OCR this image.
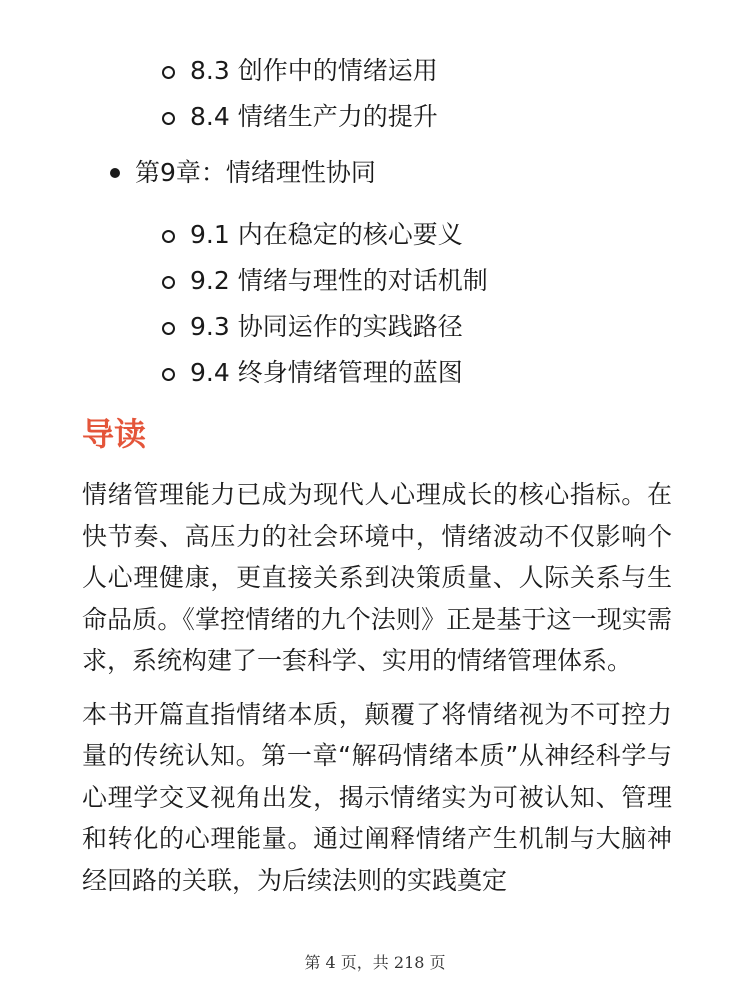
8.3 创作中的情绪运用
8.4 情绪生产力的提升
第9章：情绪理性协同
9.1 内在稳定的核心要义
9.2 情绪与理性的对话机制
9.3 协同运作的实践路径
9.4 终身情绪管理的蓝图
导读

情绪管理能力已成为现代人心理成长的核心指标。在快节奏、高压力的社会环境中，情绪波动不仅影响个人心理健康，更直接关系到决策质量、人际关系与生命品质。《掌控情绪的九个法则》正是基于这一现实需求，系统构建了一套科学、实用的情绪管理体系。

本书开篇直指情绪本质，颠覆了将情绪视为不可控力量的传统认知。第一章“解码情绪本质”从神经科学与心理学交叉视角出发，揭示情绪实为可被认知、管理和转化的心理能量。通过阐释情绪产生机制与大脑神经回路的关联，为后续法则的实践奠定

第 4 页，共 218 页
